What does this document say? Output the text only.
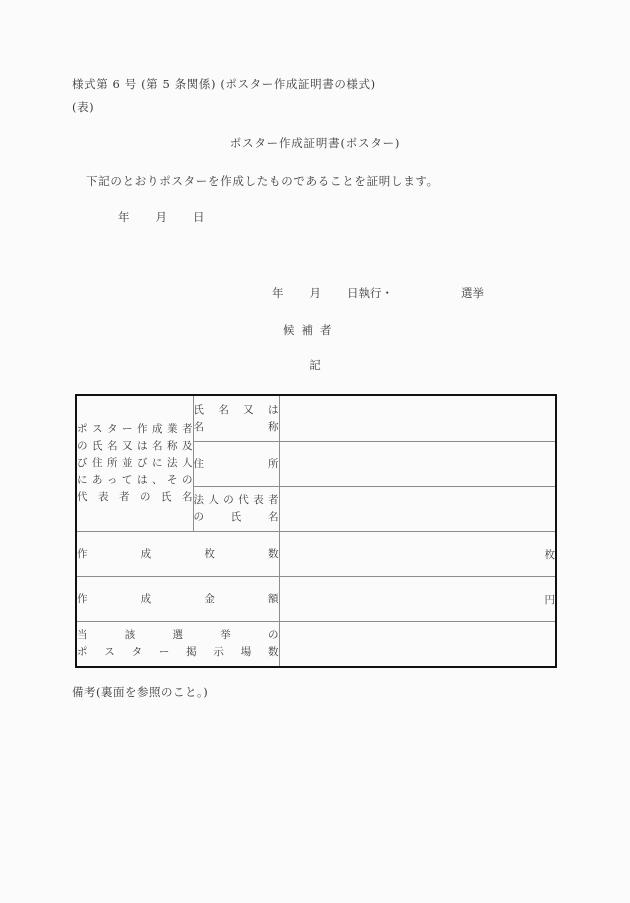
様式第 6 号 (第 5 条関係) (ポスター作成証明書の様式)
(表)
ポスター作成証明書(ポスター)
下記のとおりポスターを作成したものであることを証明します。
年 月 日
年 月 日執行・	選挙
候補者
記
ポスター作成業者
の氏名又は名称及
び住所並びに法人
にあっては、その
代表者の氏名	氏名又は
名　　称	

	住　　　所	

	法人の代表者
の　氏　名	

作成枚数		枚
作成金額		円

当該選挙の
ポスター掲示場数		

備考(裏面を参照のこと。)
